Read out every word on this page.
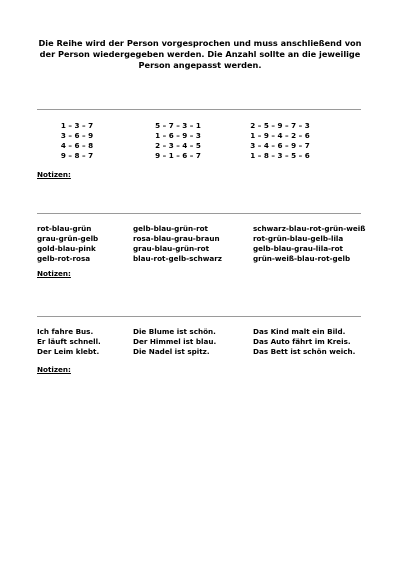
Die Reihe wird der Person vorgesprochen und muss anschließend von der Person wiedergegeben werden. Die Anzahl sollte an die jeweilige Person angepasst werden.
1 – 3 – 7
3 – 6 – 9
4 – 6 – 8
9 – 8 – 7
5 – 7 – 3 – 1
1 – 6 – 9 – 3
2 – 3 – 4 – 5
9 – 1 – 6 – 7
2 – 5 – 9 – 7 – 3
1 – 9 – 4 – 2 – 6
3 – 4 – 6 – 9 – 7
1 – 8 – 3 – 5 – 6
Notizen:
rot-blau-grün
grau-grün-gelb
gold-blau-pink
gelb-rot-rosa
gelb-blau-grün-rot
rosa-blau-grau-braun
grau-blau-grün-rot
blau-rot-gelb-schwarz
schwarz-blau-rot-grün-weiß
rot-grün-blau-gelb-lila
gelb-blau-grau-lila-rot
grün-weiß-blau-rot-gelb
Notizen:
Ich fahre Bus.
Er läuft schnell.
Der Leim klebt.
Die Blume ist schön.
Der Himmel ist blau.
Die Nadel ist spitz.
Das Kind malt ein Bild.
Das Auto fährt im Kreis.
Das Bett ist schön weich.
Notizen:
